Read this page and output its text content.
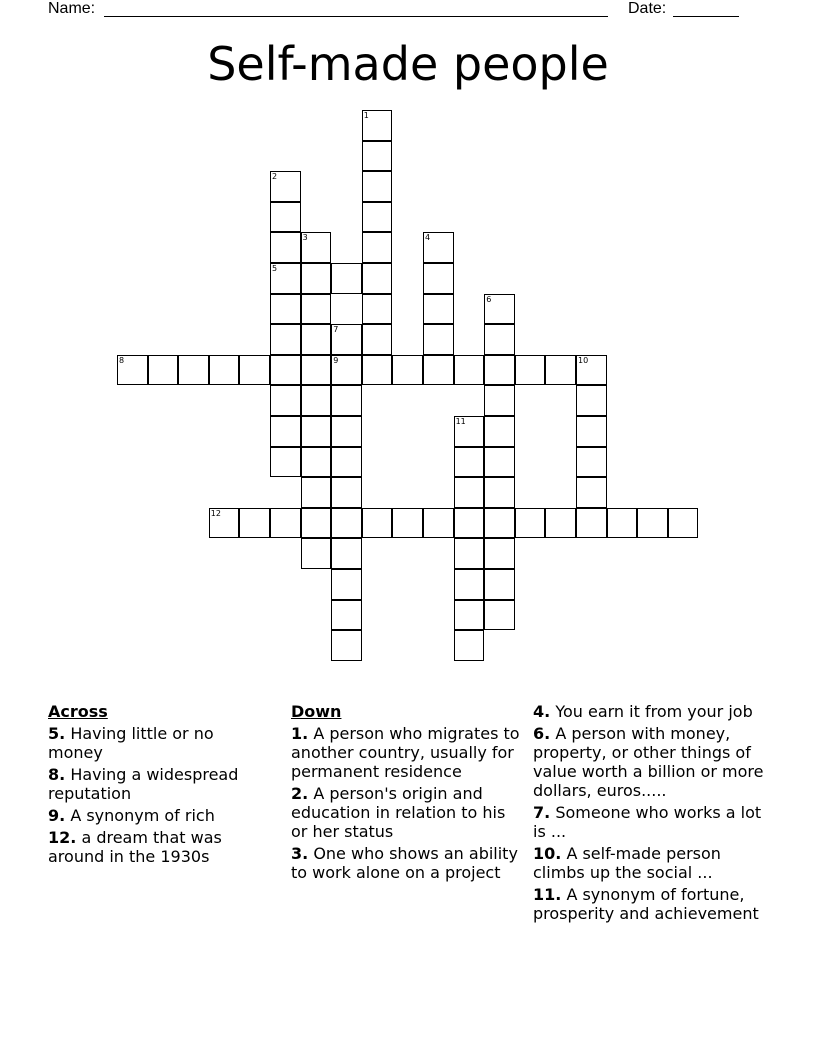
Name:	Date:
Self-made people
1
2
5
3	4
6
7
9
8	10
11
12
Across
5. Having little or no money
8. Having a widespread reputation
9. A synonym of rich
12. a dream that was around in the 1930s
Down
1. A person who migrates to another country, usually for permanent residence
2. A person's origin and education in relation to his or her status
3. One who shows an ability to work alone on a project
4. You earn it from your job
6. A person with money, property, or other things of value worth a billion or more dollars, euros.....
7. Someone who works a lot is ...
10. A self-made person climbs up the social ...
11. A synonym of fortune, prosperity and achievement
